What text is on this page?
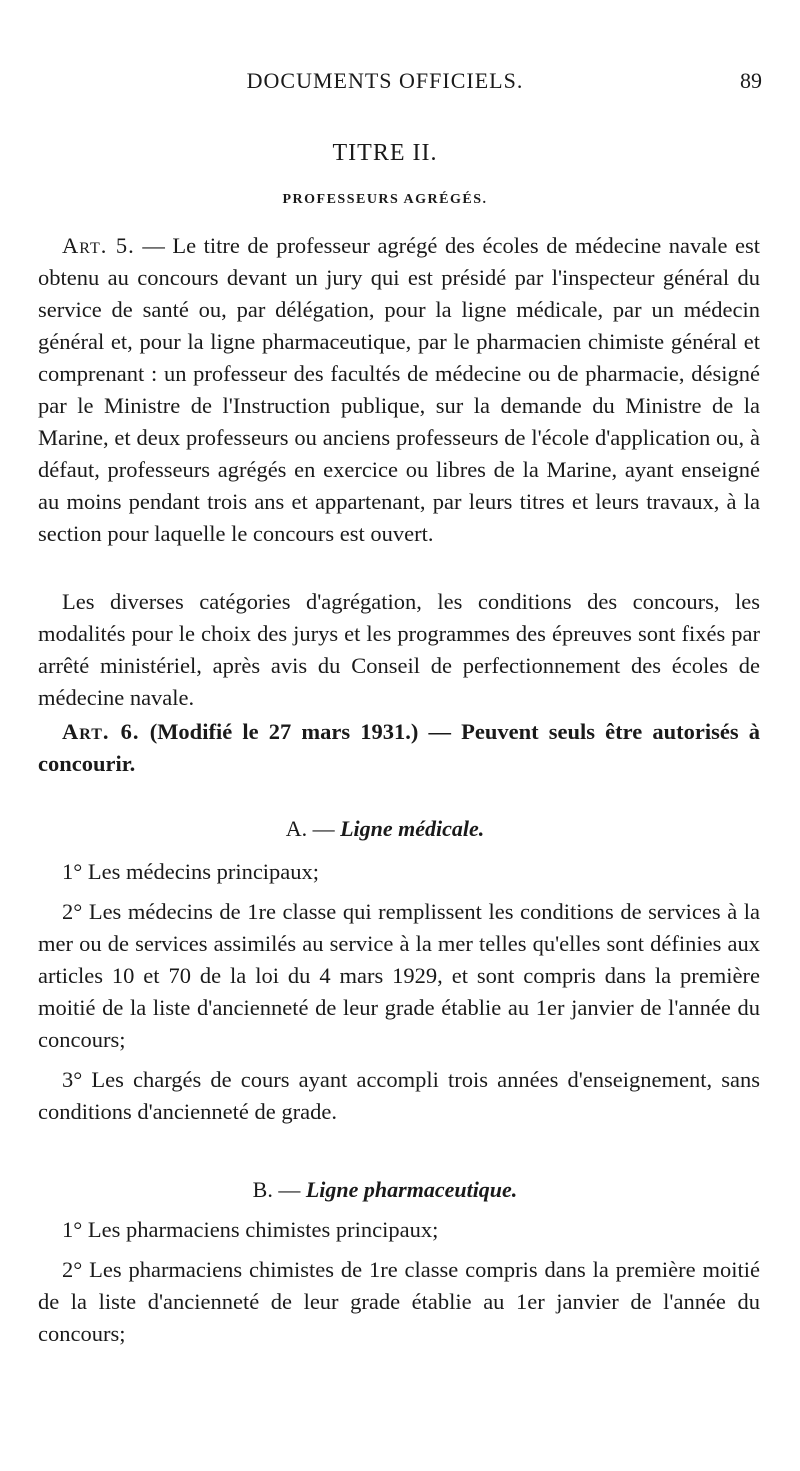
DOCUMENTS OFFICIELS.	89
TITRE II.
PROFESSEURS AGRÉGÉS.

Art. 5. — Le titre de professeur agrégé des écoles de médecine navale est obtenu au concours devant un jury qui est présidé par l'inspecteur général du service de santé ou, par délégation, pour la ligne médicale, par un médecin général et, pour la ligne pharmaceutique, par le pharmacien chimiste général et comprenant : un professeur des facultés de médecine ou de pharmacie, désigné par le Ministre de l'Instruction publique, sur la demande du Ministre de la Marine, et deux professeurs ou anciens professeurs de l'école d'application ou, à défaut, professeurs agrégés en exercice ou libres de la Marine, ayant enseigné au moins pendant trois ans et appartenant, par leurs titres et leurs travaux, à la section pour laquelle le concours est ouvert.

Les diverses catégories d'agrégation, les conditions des concours, les modalités pour le choix des jurys et les programmes des épreuves sont fixés par arrêté ministériel, après avis du Conseil de perfectionnement des écoles de médecine navale.

Art. 6. (Modifié le 27 mars 1931.) — Peuvent seuls être autorisés à concourir.

A. — Ligne médicale.

1° Les médecins principaux;

2° Les médecins de 1re classe qui remplissent les conditions de services à la mer ou de services assimilés au service à la mer telles qu'elles sont définies aux articles 10 et 70 de la loi du 4 mars 1929, et sont compris dans la première moitié de la liste d'ancienneté de leur grade établie au 1er janvier de l'année du concours;

3° Les chargés de cours ayant accompli trois années d'enseignement, sans conditions d'ancienneté de grade.

B. — Ligne pharmaceutique.

1° Les pharmaciens chimistes principaux;

2° Les pharmaciens chimistes de 1re classe compris dans la première moitié de la liste d'ancienneté de leur grade établie au 1er janvier de l'année du concours;
